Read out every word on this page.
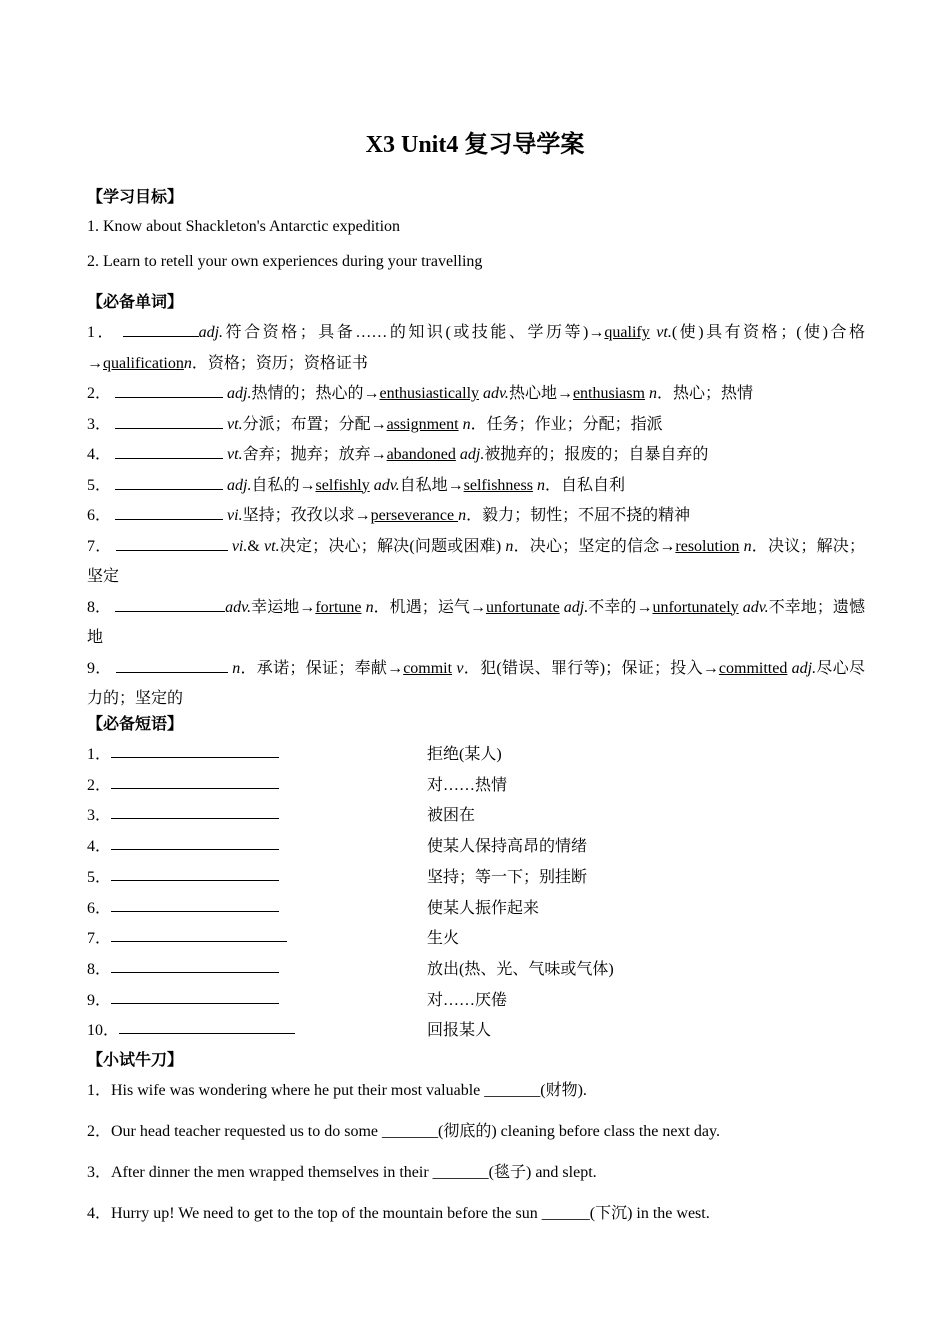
X3 Unit4 复习导学案
【学习目标】
1. Know about Shackleton's Antarctic expedition
2. Learn to retell your own experiences during your travelling
【必备单词】
1．	adj.符合资格；具备……的知识(或技能、学历等)→qualify vt.(使)具有资格；(使)合格 →qualificationn．资格；资历；资格证书
2．	adj.热情的；热心的→enthusiastically adv.热心地→enthusiasm n．热心；热情
3．	vt.分派；布置；分配→assignment n．任务；作业；分配；指派
4．	vt.舍弃；抛弃；放弃→abandoned adj.被抛弃的；报废的；自暴自弃的
5．	adj.自私的→selfishly adv.自私地→selfishness n．自私自利
6．	vi.坚持；孜孜以求→perseverance n．毅力；韧性；不屈不挠的精神
7．	vi.& vt.决定；决心；解决(问题或困难) n．决心；坚定的信念→resolution n．决议；解决；坚定
8．	adv.幸运地→fortune n．机遇；运气→unfortunate adj.不幸的→unfortunately adv.不幸地；遗憾地
9．	n．承诺；保证；奉献→commit v．犯(错误、罪行等)；保证；投入→committed adj.尽心尽力的；坚定的
【必备短语】
1．	拒绝(某人)
2．	对……热情
3．	被困在
4．	使某人保持高昂的情绪
5．	坚持；等一下；别挂断
6．	使某人振作起来
7．	生火
8．	放出(热、光、气味或气体)
9．	对……厌倦
10．	回报某人
【小试牛刀】
1．His wife was wondering where he put their most valuable _______(财物).
2．Our head teacher requested us to do some _______(彻底的) cleaning before class the next day.
3．After dinner the men wrapped themselves in their _______(毯子) and slept.
4．Hurry up! We need to get to the top of the mountain before the sun ______(下沉) in the west.
